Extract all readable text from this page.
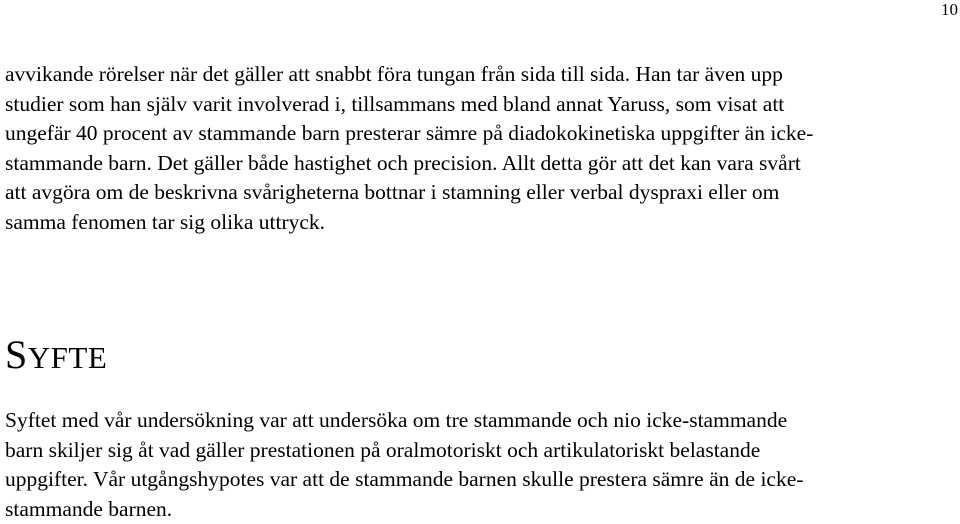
10
avvikande rörelser när det gäller att snabbt föra tungan från sida till sida. Han tar även upp
studier som han själv varit involverad i, tillsammans med bland annat Yaruss, som visat att
ungefär 40 procent av stammande barn presterar sämre på diadokokinetiska uppgifter än icke-
stammande barn. Det gäller både hastighet och precision. Allt detta gör att det kan vara svårt
att avgöra om de beskrivna svårigheterna bottnar i stamning eller verbal dyspraxi eller om
samma fenomen tar sig olika uttryck.
SYFTE
Syftet med vår undersökning var att undersöka om tre stammande och nio icke-stammande
barn skiljer sig åt vad gäller prestationen på oralmotoriskt och artikulatoriskt belastande
uppgifter. Vår utgångshypotes var att de stammande barnen skulle prestera sämre än de icke-
stammande barnen.
